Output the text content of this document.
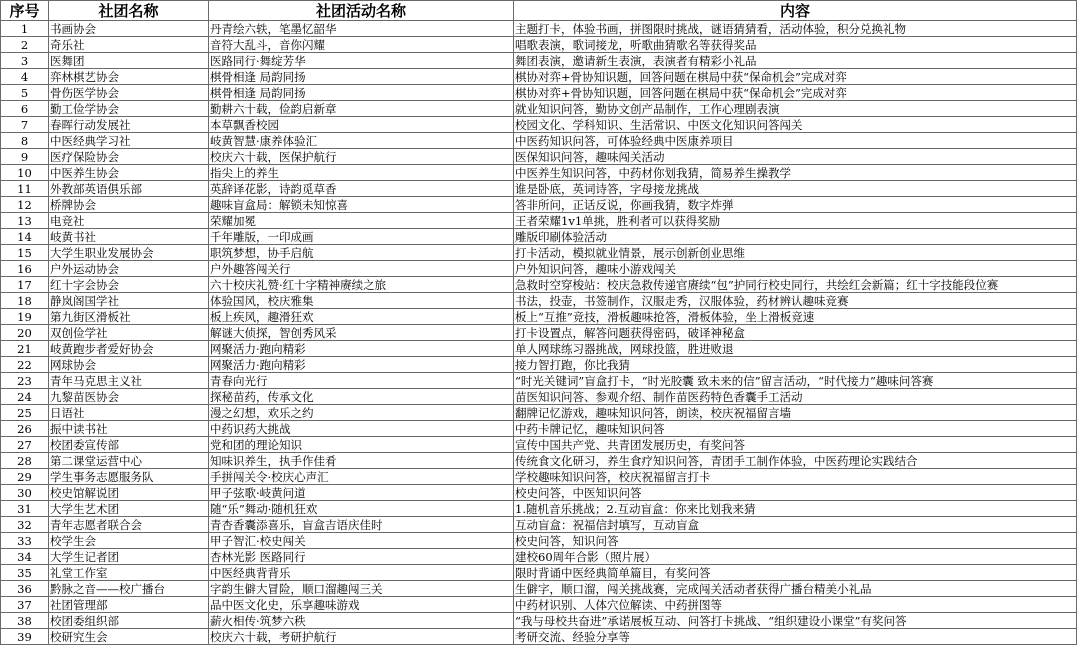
序号	社团名称	社团活动名称	内容
1	书画协会	丹青绘六轶，笔墨忆韶华	主题打卡，体验书画，拼图限时挑战，谜语猜猜看，活动体验，积分兑换礼物
2	奇乐社	音符大乱斗，音你闪耀	唱歌表演，歌词接龙，听歌曲猜歌名等获得奖品
3	医舞团	医路同行·舞绽芳华	舞团表演，邀请新生表演，表演者有精彩小礼品
4	弈林棋艺协会	棋骨相逢 局韵同扬	棋协对弈+骨协知识题，回答问题在棋局中获“保命机会”完成对弈
5	骨伤医学协会	棋骨相逢 局韵同扬	棋协对弈+骨协知识题，回答问题在棋局中获“保命机会”完成对弈
6	勤工俭学协会	勤耕六十载，俭韵启新章	就业知识问答，勤协文创产品制作，工作心理剧表演
7	春晖行动发展社	本草飘香校园	校园文化、学科知识、生活常识、中医文化知识问答闯关
8	中医经典学习社	岐黄智慧·康养体验汇	中医药知识问答，可体验经典中医康养项目
9	医疗保险协会	校庆六十载，医保护航行	医保知识问答，趣味闯关活动
10	中医养生协会	指尖上的养生	中医养生知识问答，中药材你划我猜，简易养生操教学
11	外教部英语俱乐部	英辞译花影，诗韵觅草香	谁是卧底，英词诗答，字母接龙挑战
12	桥牌协会	趣味盲盒局：解锁未知惊喜	答非所问，正话反说，你画我猜，数字炸弹
13	电竞社	荣耀加冕	王者荣耀1v1单挑，胜利者可以获得奖励
14	岐黄书社	千年雕版，一印成画	雕版印刷体验活动
15	大学生职业发展协会	职筑梦想，协手启航	打卡活动，模拟就业情景，展示创新创业思维
16	户外运动协会	户外趣答闯关行	户外知识问答，趣味小游戏闯关
17	红十字会协会	六十校庆礼赞·红十字精神赓续之旅	急救时空穿梭站：校庆急救传递官赓续“包”护同行校史同行，共绘红会新篇；红十字技能段位赛
18	静岚阁国学社	体验国风，校庆雅集	书法，投壶，书签制作，汉服走秀，汉服体验，药材辨认趣味竞赛
19	第九街区滑板社	板上疾风，趣滑狂欢	板上“互推”竞技，滑板趣味抢答，滑板体验，坐上滑板竞速
20	双创俭学社	解谜大侦探，智创秀风采	打卡设置点，解答问题获得密码，破译神秘盒
21	岐黄跑步者爱好协会	网聚活力·跑向精彩	单人网球练习器挑战，网球投篮，胜进败退
22	网球协会	网聚活力·跑向精彩	接力智打跑，你比我猜
23	青年马克思主义社	青春向光行	“时光关键词”盲盒打卡，“时光胶囊 致未来的信”留言活动，“时代接力”趣味问答赛
24	九黎苗医协会	探秘苗药，传承文化	苗医知识问答、参观介绍、制作苗医药特色香囊手工活动
25	日语社	漫之幻想，欢乐之约	翻牌记忆游戏，趣味知识问答，朗读，校庆祝福留言墙
26	振中读书社	中药识药大挑战	中药卡牌记忆，趣味知识问答
27	校团委宣传部	党和团的理论知识	宣传中国共产党、共青团发展历史，有奖问答
28	第二课堂运营中心	知味识养生，执手作佳肴	传统食文化研习，养生食疗知识问答，青团手工制作体验，中医药理论实践结合
29	学生事务志愿服务队	手拼闯关令·校庆心声汇	学校趣味知识问答，校庆祝福留言打卡
30	校史馆解说团	甲子弦歌·岐黄问道	校史问答，中医知识问答
31	大学生艺术团	随“乐”舞动·随机狂欢	1.随机音乐挑战；2.互动盲盒：你来比划我来猜
32	青年志愿者联合会	青杏香囊添喜乐，盲盒吉语庆佳时	互动盲盒：祝福信封填写，互动盲盒
33	校学生会	甲子智汇·校史闯关	校史问答，知识问答
34	大学生记者团	杏林光影 医路同行	建校60周年合影（照片展）
35	礼堂工作室	中医经典背背乐	限时背诵中医经典简单篇目，有奖问答
36	黔脉之音——校广播台	字韵生僻大冒险，顺口溜趣闯三关	生僻字，顺口溜，闯关挑战赛，完成闯关活动者获得广播台精美小礼品
37	社团管理部	品中医文化史，乐享趣味游戏	中药材识别、人体穴位解读、中药拼图等
38	校团委组织部	薪火相传·筑梦六秩	“我与母校共奋进”承诺展板互动、问答打卡挑战、“组织建设小课堂”有奖问答
39	校研究生会	校庆六十载，考研护航行	考研交流、经验分享等
